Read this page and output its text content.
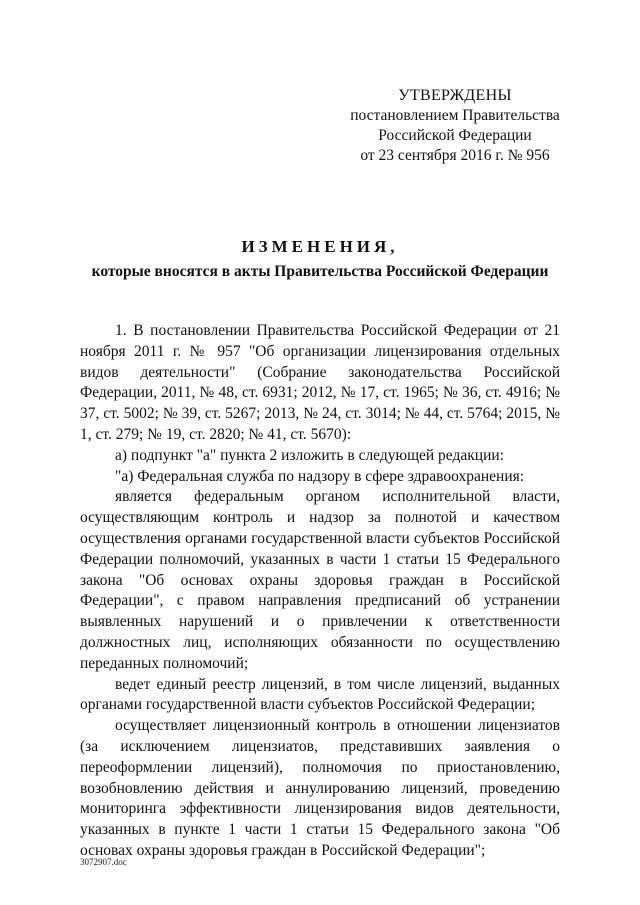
УТВЕРЖДЕНЫ
постановлением Правительства
Российской Федерации
от 23 сентября 2016 г. № 956
ИЗМЕНЕНИЯ,
которые вносятся в акты Правительства Российской Федерации

1. В постановлении Правительства Российской Федерации от 21 ноября 2011 г. № 957 "Об организации лицензирования отдельных видов деятельности" (Собрание законодательства Российской Федерации, 2011, № 48, ст. 6931; 2012, № 17, ст. 1965; № 36, ст. 4916; № 37, ст. 5002; № 39, ст. 5267; 2013, № 24, ст. 3014; № 44, ст. 5764; 2015, № 1, ст. 279; № 19, ст. 2820; № 41, ст. 5670):

а) подпункт "а" пункта 2 изложить в следующей редакции:

"а) Федеральная служба по надзору в сфере здравоохранения:

является федеральным органом исполнительной власти, осуществляющим контроль и надзор за полнотой и качеством осуществления органами государственной власти субъектов Российской Федерации полномочий, указанных в части 1 статьи 15 Федерального закона "Об основах охраны здоровья граждан в Российской Федерации", с правом направления предписаний об устранении выявленных нарушений и о привлечении к ответственности должностных лиц, исполняющих обязанности по осуществлению переданных полномочий;

ведет единый реестр лицензий, в том числе лицензий, выданных органами государственной власти субъектов Российской Федерации;

осуществляет лицензионный контроль в отношении лицензиатов (за исключением лицензиатов, представивших заявления о переоформлении лицензий), полномочия по приостановлению, возобновлению действия и аннулированию лицензий, проведению мониторинга эффективности лицензирования видов деятельности, указанных в пункте 1 части 1 статьи 15 Федерального закона "Об основах охраны здоровья граждан в Российской Федерации";

3072907.doc
